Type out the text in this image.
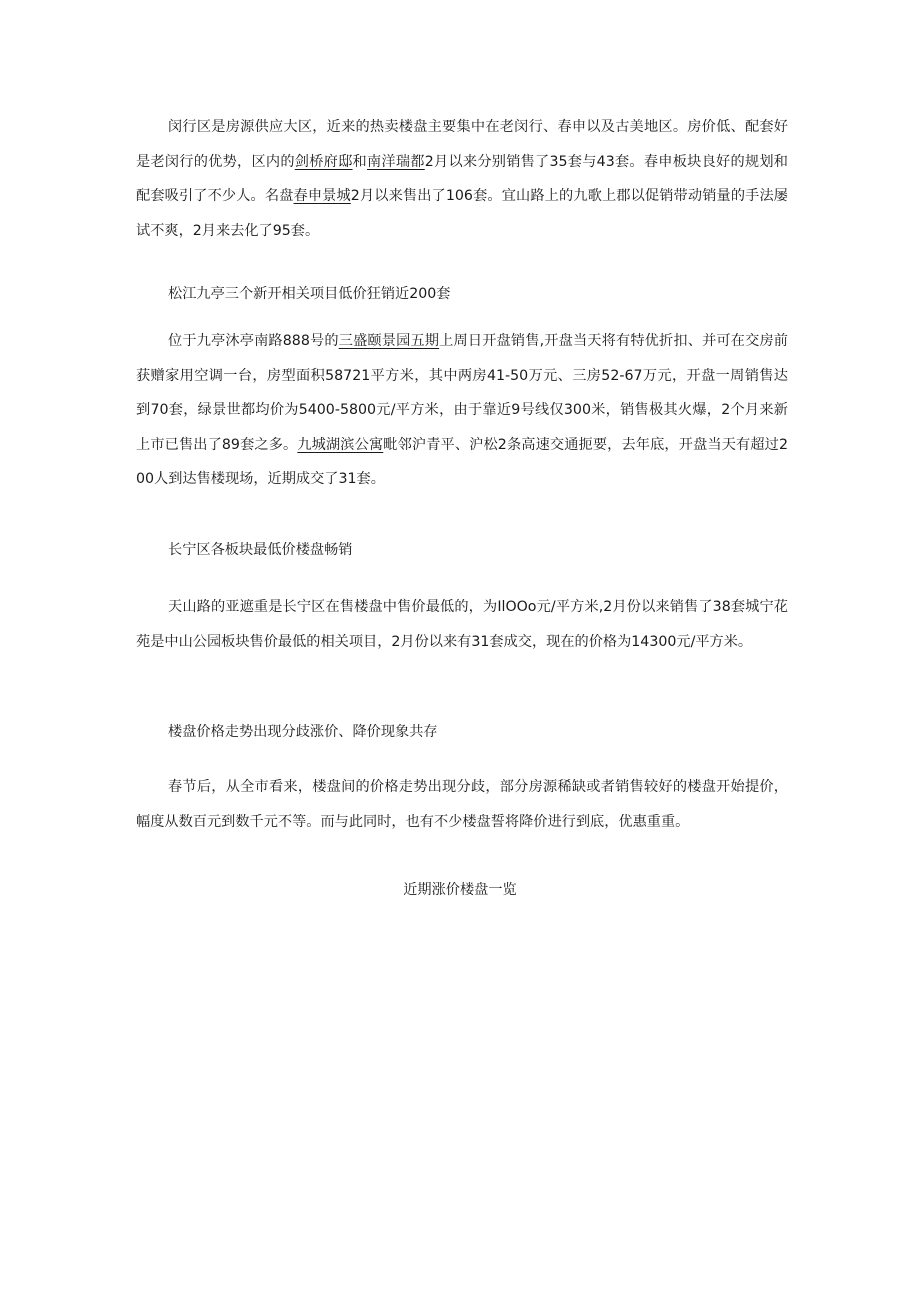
闵行区是房源供应大区，近来的热卖楼盘主要集中在老闵行、春申以及古美地区。房价低、配套好是老闵行的优势，区内的剑桥府邸和南洋瑞都2月以来分别销售了35套与43套。春申板块良好的规划和配套吸引了不少人。名盘春申景城2月以来售出了106套。宜山路上的九歌上郡以促销带动销量的手法屡试不爽，2月来去化了95套。

松江九亭三个新开相关项目低价狂销近200套

位于九亭沐亭南路888号的三盛颐景园五期上周日开盘销售,开盘当天将有特优折扣、并可在交房前获赠家用空调一台，房型面积58721平方米，其中两房41-50万元、三房52-67万元，开盘一周销售达到70套，绿景世都均价为5400-5800元/平方米，由于靠近9号线仅300米，销售极其火爆，2个月来新上市已售出了89套之多。九城湖滨公寓毗邻沪青平、沪松2条高速交通扼要，去年底，开盘当天有超过200人到达售楼现场，近期成交了31套。

长宁区各板块最低价楼盘畅销

天山路的亚遮重是长宁区在售楼盘中售价最低的，为IlOOo元/平方米,2月份以来销售了38套城宁花苑是中山公园板块售价最低的相关项目，2月份以来有31套成交，现在的价格为14300元/平方米。

楼盘价格走势出现分歧涨价、降价现象共存

春节后，从全市看来，楼盘间的价格走势出现分歧，部分房源稀缺或者销售较好的楼盘开始提价，幅度从数百元到数千元不等。而与此同时，也有不少楼盘誓将降价进行到底，优惠重重。

近期涨价楼盘一览
